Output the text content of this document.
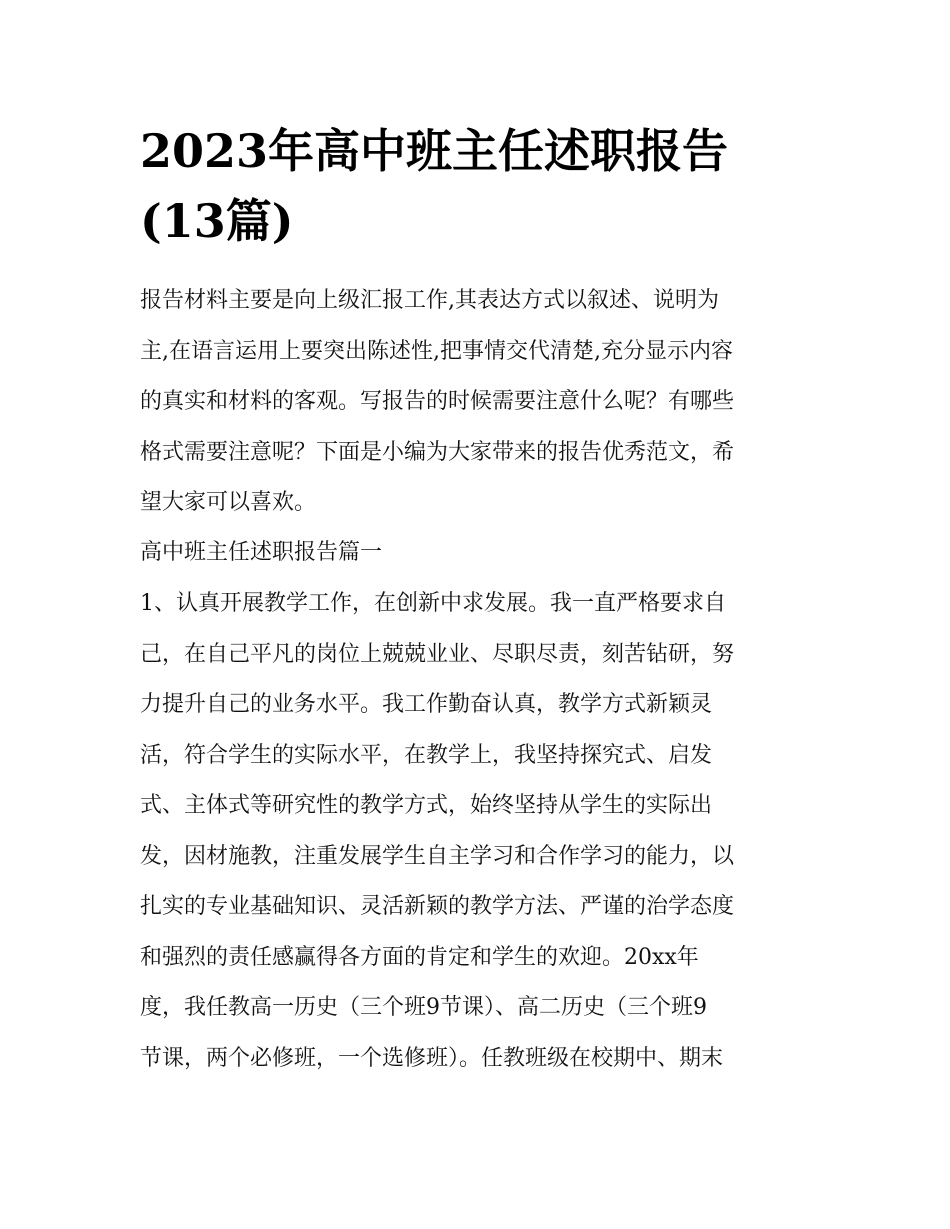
2023年高中班主任述职报告
(13篇)
报告材料主要是向上级汇报工作,其表达方式以叙述、说明为
主,在语言运用上要突出陈述性,把事情交代清楚,充分显示内容
的真实和材料的客观。写报告的时候需要注意什么呢？有哪些
格式需要注意呢？下面是小编为大家带来的报告优秀范文，希
望大家可以喜欢。
高中班主任述职报告篇一
1、认真开展教学工作，在创新中求发展。我一直严格要求自
己，在自己平凡的岗位上兢兢业业、尽职尽责，刻苦钻研，努
力提升自己的业务水平。我工作勤奋认真，教学方式新颖灵
活，符合学生的实际水平，在教学上，我坚持探究式、启发
式、主体式等研究性的教学方式，始终坚持从学生的实际出
发，因材施教，注重发展学生自主学习和合作学习的能力，以
扎实的专业基础知识、灵活新颖的教学方法、严谨的治学态度
和强烈的责任感赢得各方面的肯定和学生的欢迎。20xx年
度，我任教高一历史（三个班9节课）、高二历史（三个班9
节课，两个必修班，一个选修班）。任教班级在校期中、期末
